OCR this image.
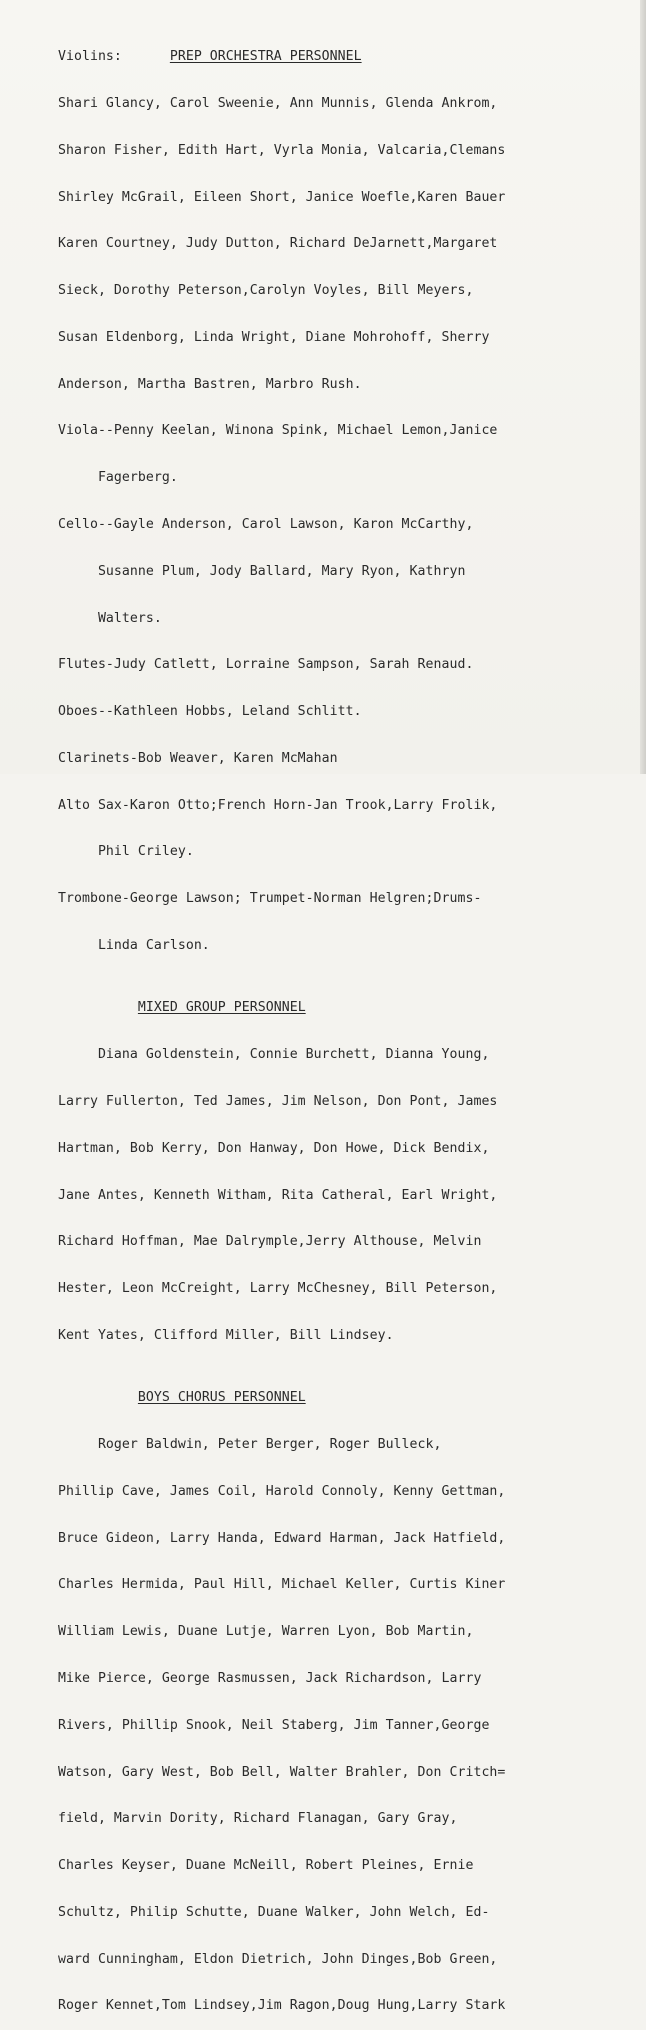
Violins:	PREP ORCHESTRA PERSONNEL

Shari Glancy, Carol Sweenie, Ann Munnis, Glenda Ankrom,

Sharon Fisher, Edith Hart, Vyrla Monia, Valcaria,Clemans

Shirley McGrail, Eileen Short, Janice Woefle,Karen Bauer

Karen Courtney, Judy Dutton, Richard DeJarnett,Margaret

Sieck, Dorothy Peterson,Carolyn Voyles, Bill Meyers,

Susan Eldenborg, Linda Wright, Diane Mohrohoff, Sherry

Anderson, Martha Bastren, Marbro Rush.

Viola--Penny Keelan, Winona Spink, Michael Lemon,Janice

Fagerberg.

Cello--Gayle Anderson, Carol Lawson, Karon McCarthy,

Susanne Plum, Jody Ballard, Mary Ryon, Kathryn

Walters.

Flutes-Judy Catlett, Lorraine Sampson, Sarah Renaud.

Oboes--Kathleen Hobbs, Leland Schlitt.

Clarinets-Bob Weaver, Karen McMahan

Alto Sax-Karon Otto;French Horn-Jan Trook,Larry Frolik,

Phil Criley.

Trombone-George Lawson; Trumpet-Norman Helgren;Drums-

Linda Carlson.

MIXED GROUP PERSONNEL

Diana Goldenstein, Connie Burchett, Dianna Young,

Larry Fullerton, Ted James, Jim Nelson, Don Pont, James

Hartman, Bob Kerry, Don Hanway, Don Howe, Dick Bendix,

Jane Antes, Kenneth Witham, Rita Catheral, Earl Wright,

Richard Hoffman, Mae Dalrymple,Jerry Althouse, Melvin

Hester, Leon McCreight, Larry McChesney, Bill Peterson,

Kent Yates, Clifford Miller, Bill Lindsey.

BOYS CHORUS PERSONNEL

Roger Baldwin, Peter Berger, Roger Bulleck,

Phillip Cave, James Coil, Harold Connoly, Kenny Gettman,

Bruce Gideon, Larry Handa, Edward Harman, Jack Hatfield,

Charles Hermida, Paul Hill, Michael Keller, Curtis Kiner

William Lewis, Duane Lutje, Warren Lyon, Bob Martin,

Mike Pierce, George Rasmussen, Jack Richardson, Larry

Rivers, Phillip Snook, Neil Staberg, Jim Tanner,George

Watson, Gary West, Bob Bell, Walter Brahler, Don Critch=

field, Marvin Dority, Richard Flanagan, Gary Gray,

Charles Keyser, Duane McNeill, Robert Pleines, Ernie

Schultz, Philip Schutte, Duane Walker, John Welch, Ed-

ward Cunningham, Eldon Dietrich, John Dinges,Bob Green,

Roger Kennet,Tom Lindsey,Jim Ragon,Doug Hung,Larry Stark
